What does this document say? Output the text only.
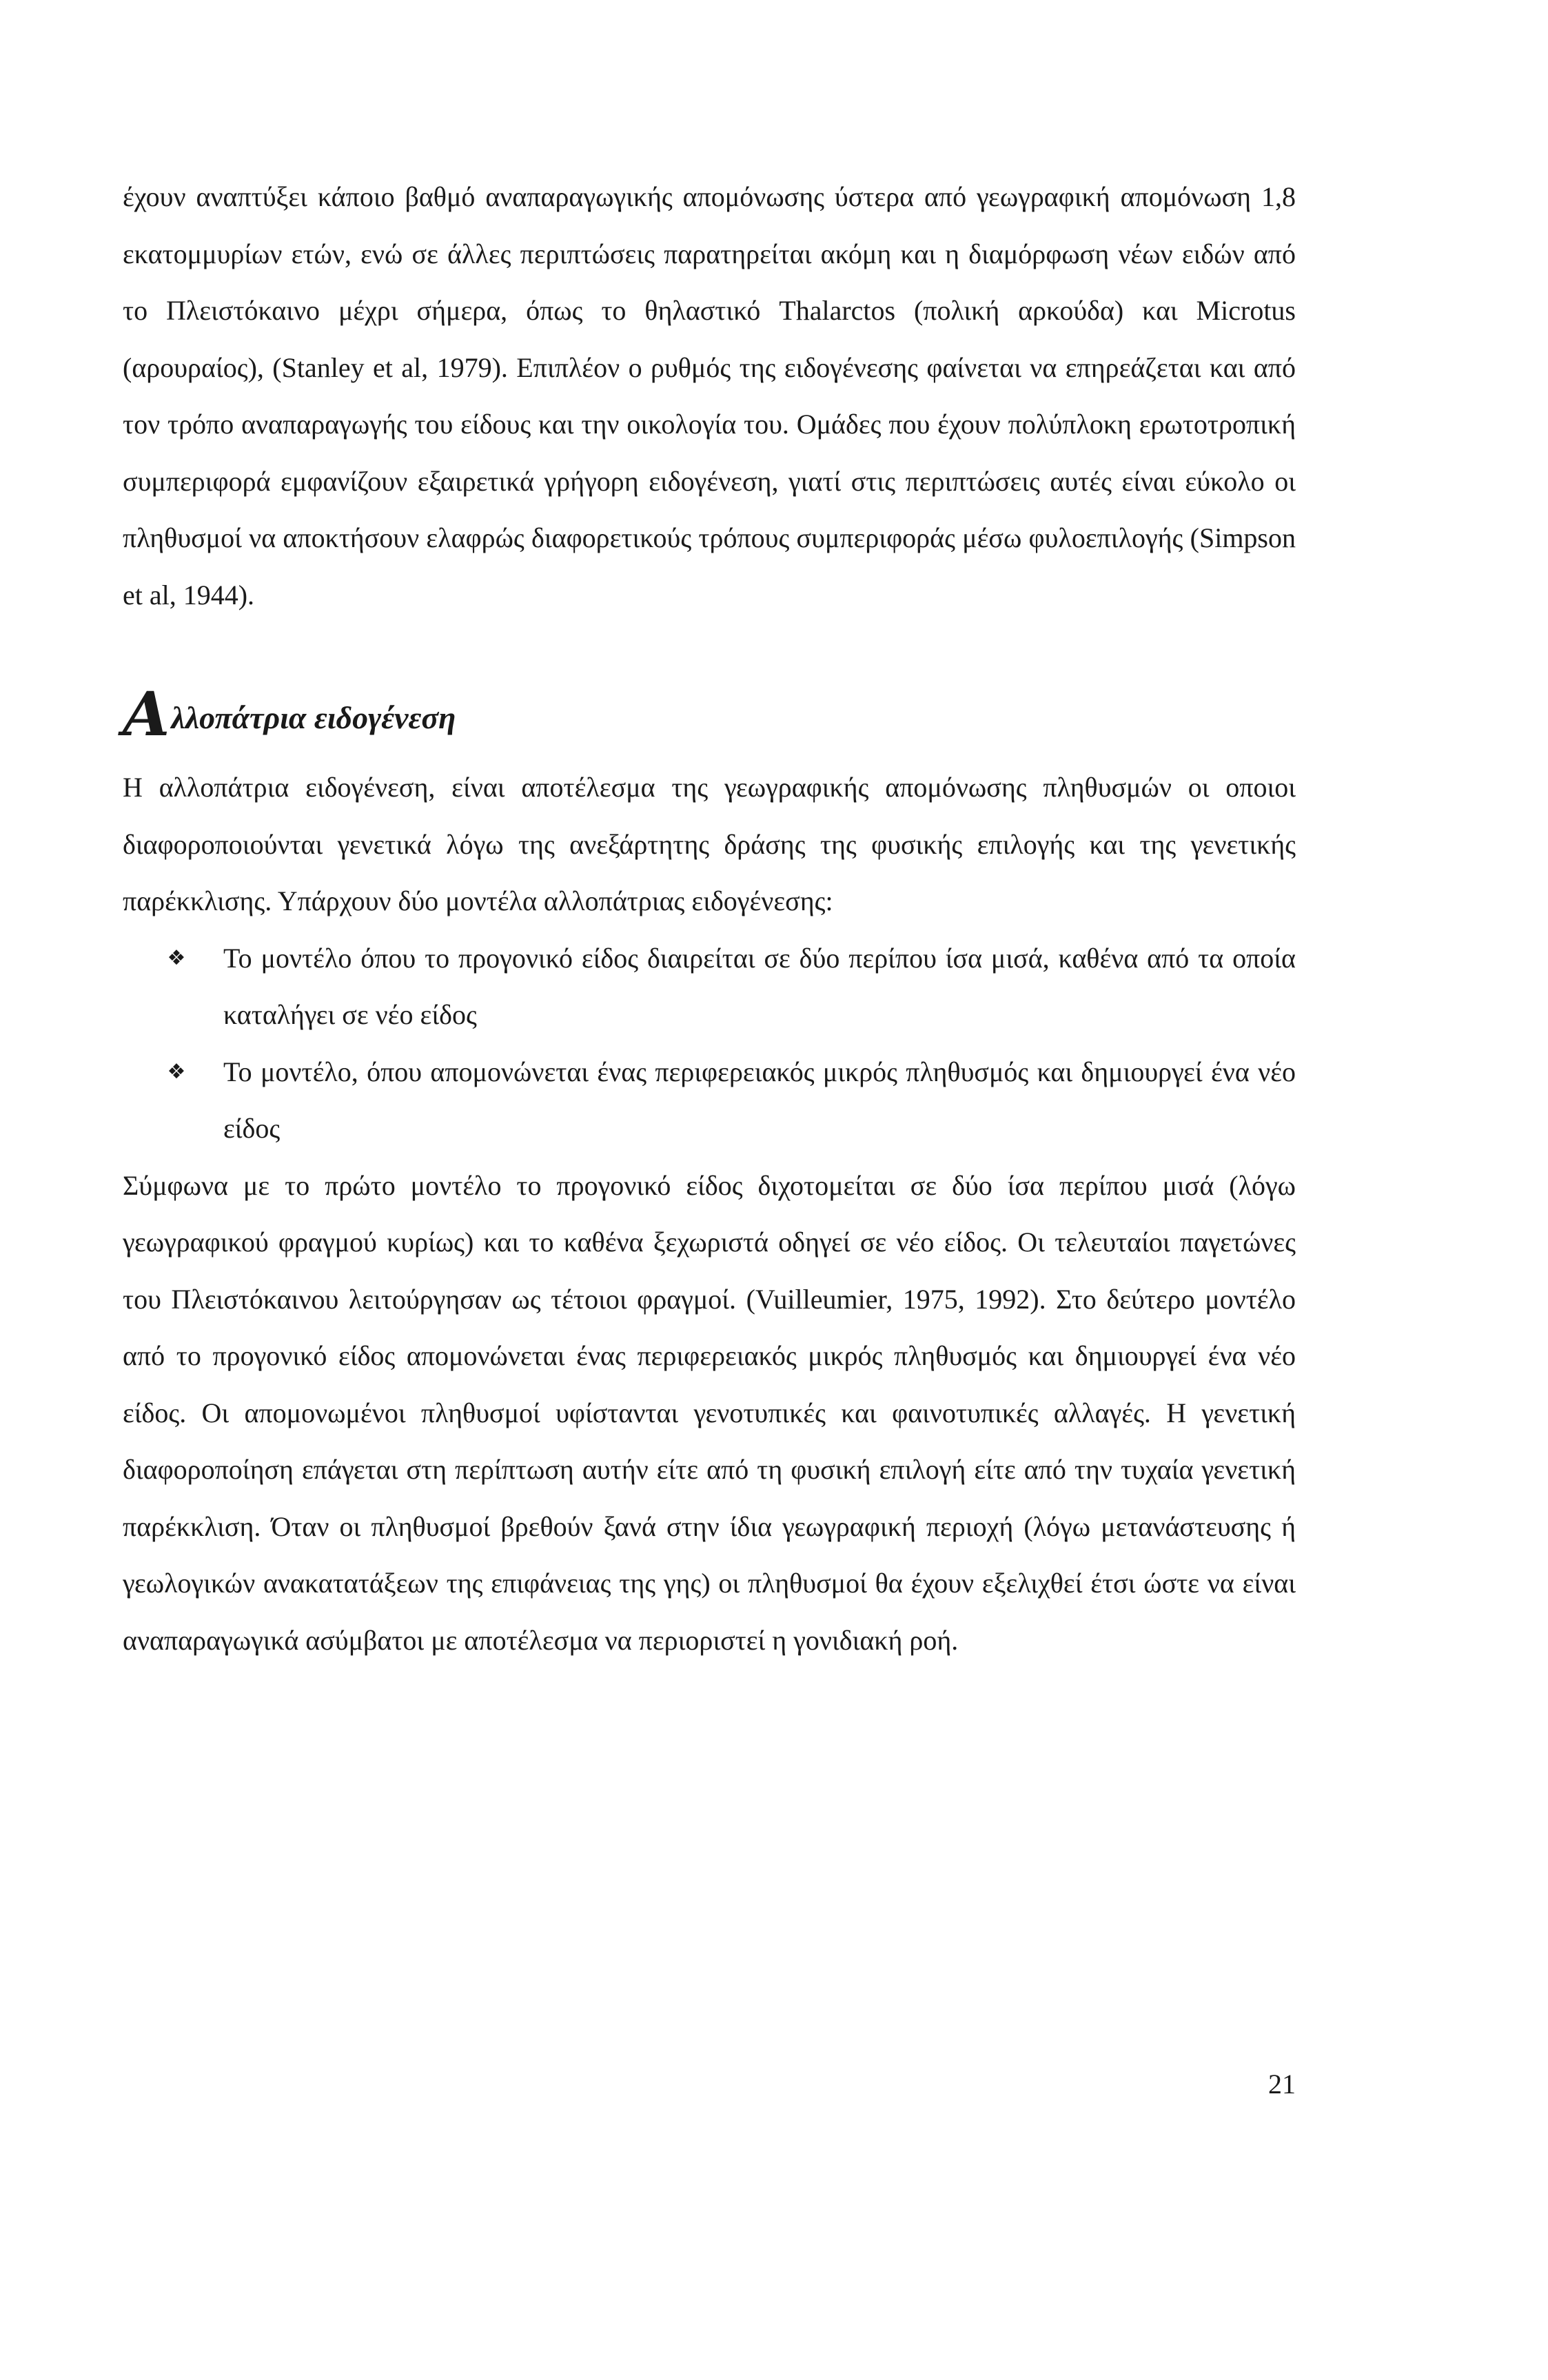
έχουν αναπτύξει κάποιο βαθμό αναπαραγωγικής απομόνωσης ύστερα από γεωγραφική απομόνωση 1,8 εκατομμυρίων ετών, ενώ σε άλλες περιπτώσεις παρατηρείται ακόμη και η διαμόρφωση νέων ειδών από το Πλειστόκαινο μέχρι σήμερα, όπως το θηλαστικό Thalarctos (πολική αρκούδα) και Microtus (αρουραίος), (Stanley et al, 1979). Επιπλέον ο ρυθμός της ειδογένεσης φαίνεται να επηρεάζεται και από τον τρόπο αναπαραγωγής του είδους και την οικολογία του. Ομάδες που έχουν πολύπλοκη ερωτοτροπική συμπεριφορά εμφανίζουν εξαιρετικά γρήγορη ειδογένεση, γιατί στις περιπτώσεις αυτές είναι εύκολο οι πληθυσμοί να αποκτήσουν ελαφρώς διαφορετικούς τρόπους συμπεριφοράς μέσω φυλοεπιλογής (Simpson et al, 1944).

Α λλοπάτρια ειδογένεση

Η αλλοπάτρια ειδογένεση, είναι αποτέλεσμα της γεωγραφικής απομόνωσης πληθυσμών οι οποιοι διαφοροποιούνται γενετικά λόγω της ανεξάρτητης δράσης της φυσικής επιλογής και της γενετικής παρέκκλισης. Υπάρχουν δύο μοντέλα αλλοπάτριας ειδογένεσης:

❖ Το μοντέλο όπου το προγονικό είδος διαιρείται σε δύο περίπου ίσα μισά, καθένα από τα οποία καταλήγει σε νέο είδος
❖ Το μοντέλο, όπου απομονώνεται ένας περιφερειακός μικρός πληθυσμός και δημιουργεί ένα νέο είδος

Σύμφωνα με το πρώτο μοντέλο το προγονικό είδος διχοτομείται σε δύο ίσα περίπου μισά (λόγω γεωγραφικού φραγμού κυρίως) και το καθένα ξεχωριστά οδηγεί σε νέο είδος. Οι τελευταίοι παγετώνες του Πλειστόκαινου λειτούργησαν ως τέτοιοι φραγμοί. (Vuilleumier, 1975, 1992). Στο δεύτερο μοντέλο από το προγονικό είδος απομονώνεται ένας περιφερειακός μικρός πληθυσμός και δημιουργεί ένα νέο είδος. Οι απομονωμένοι πληθυσμοί υφίστανται γενοτυπικές και φαινοτυπικές αλλαγές. Η γενετική διαφοροποίηση επάγεται στη περίπτωση αυτήν είτε από τη φυσική επιλογή είτε από την τυχαία γενετική παρέκκλιση. Όταν οι πληθυσμοί βρεθούν ξανά στην ίδια γεωγραφική περιοχή (λόγω μετανάστευσης ή γεωλογικών ανακατατάξεων της επιφάνειας της γης) οι πληθυσμοί θα έχουν εξελιχθεί έτσι ώστε να είναι αναπαραγωγικά ασύμβατοι με αποτέλεσμα να περιοριστεί η γονιδιακή ροή.

21
